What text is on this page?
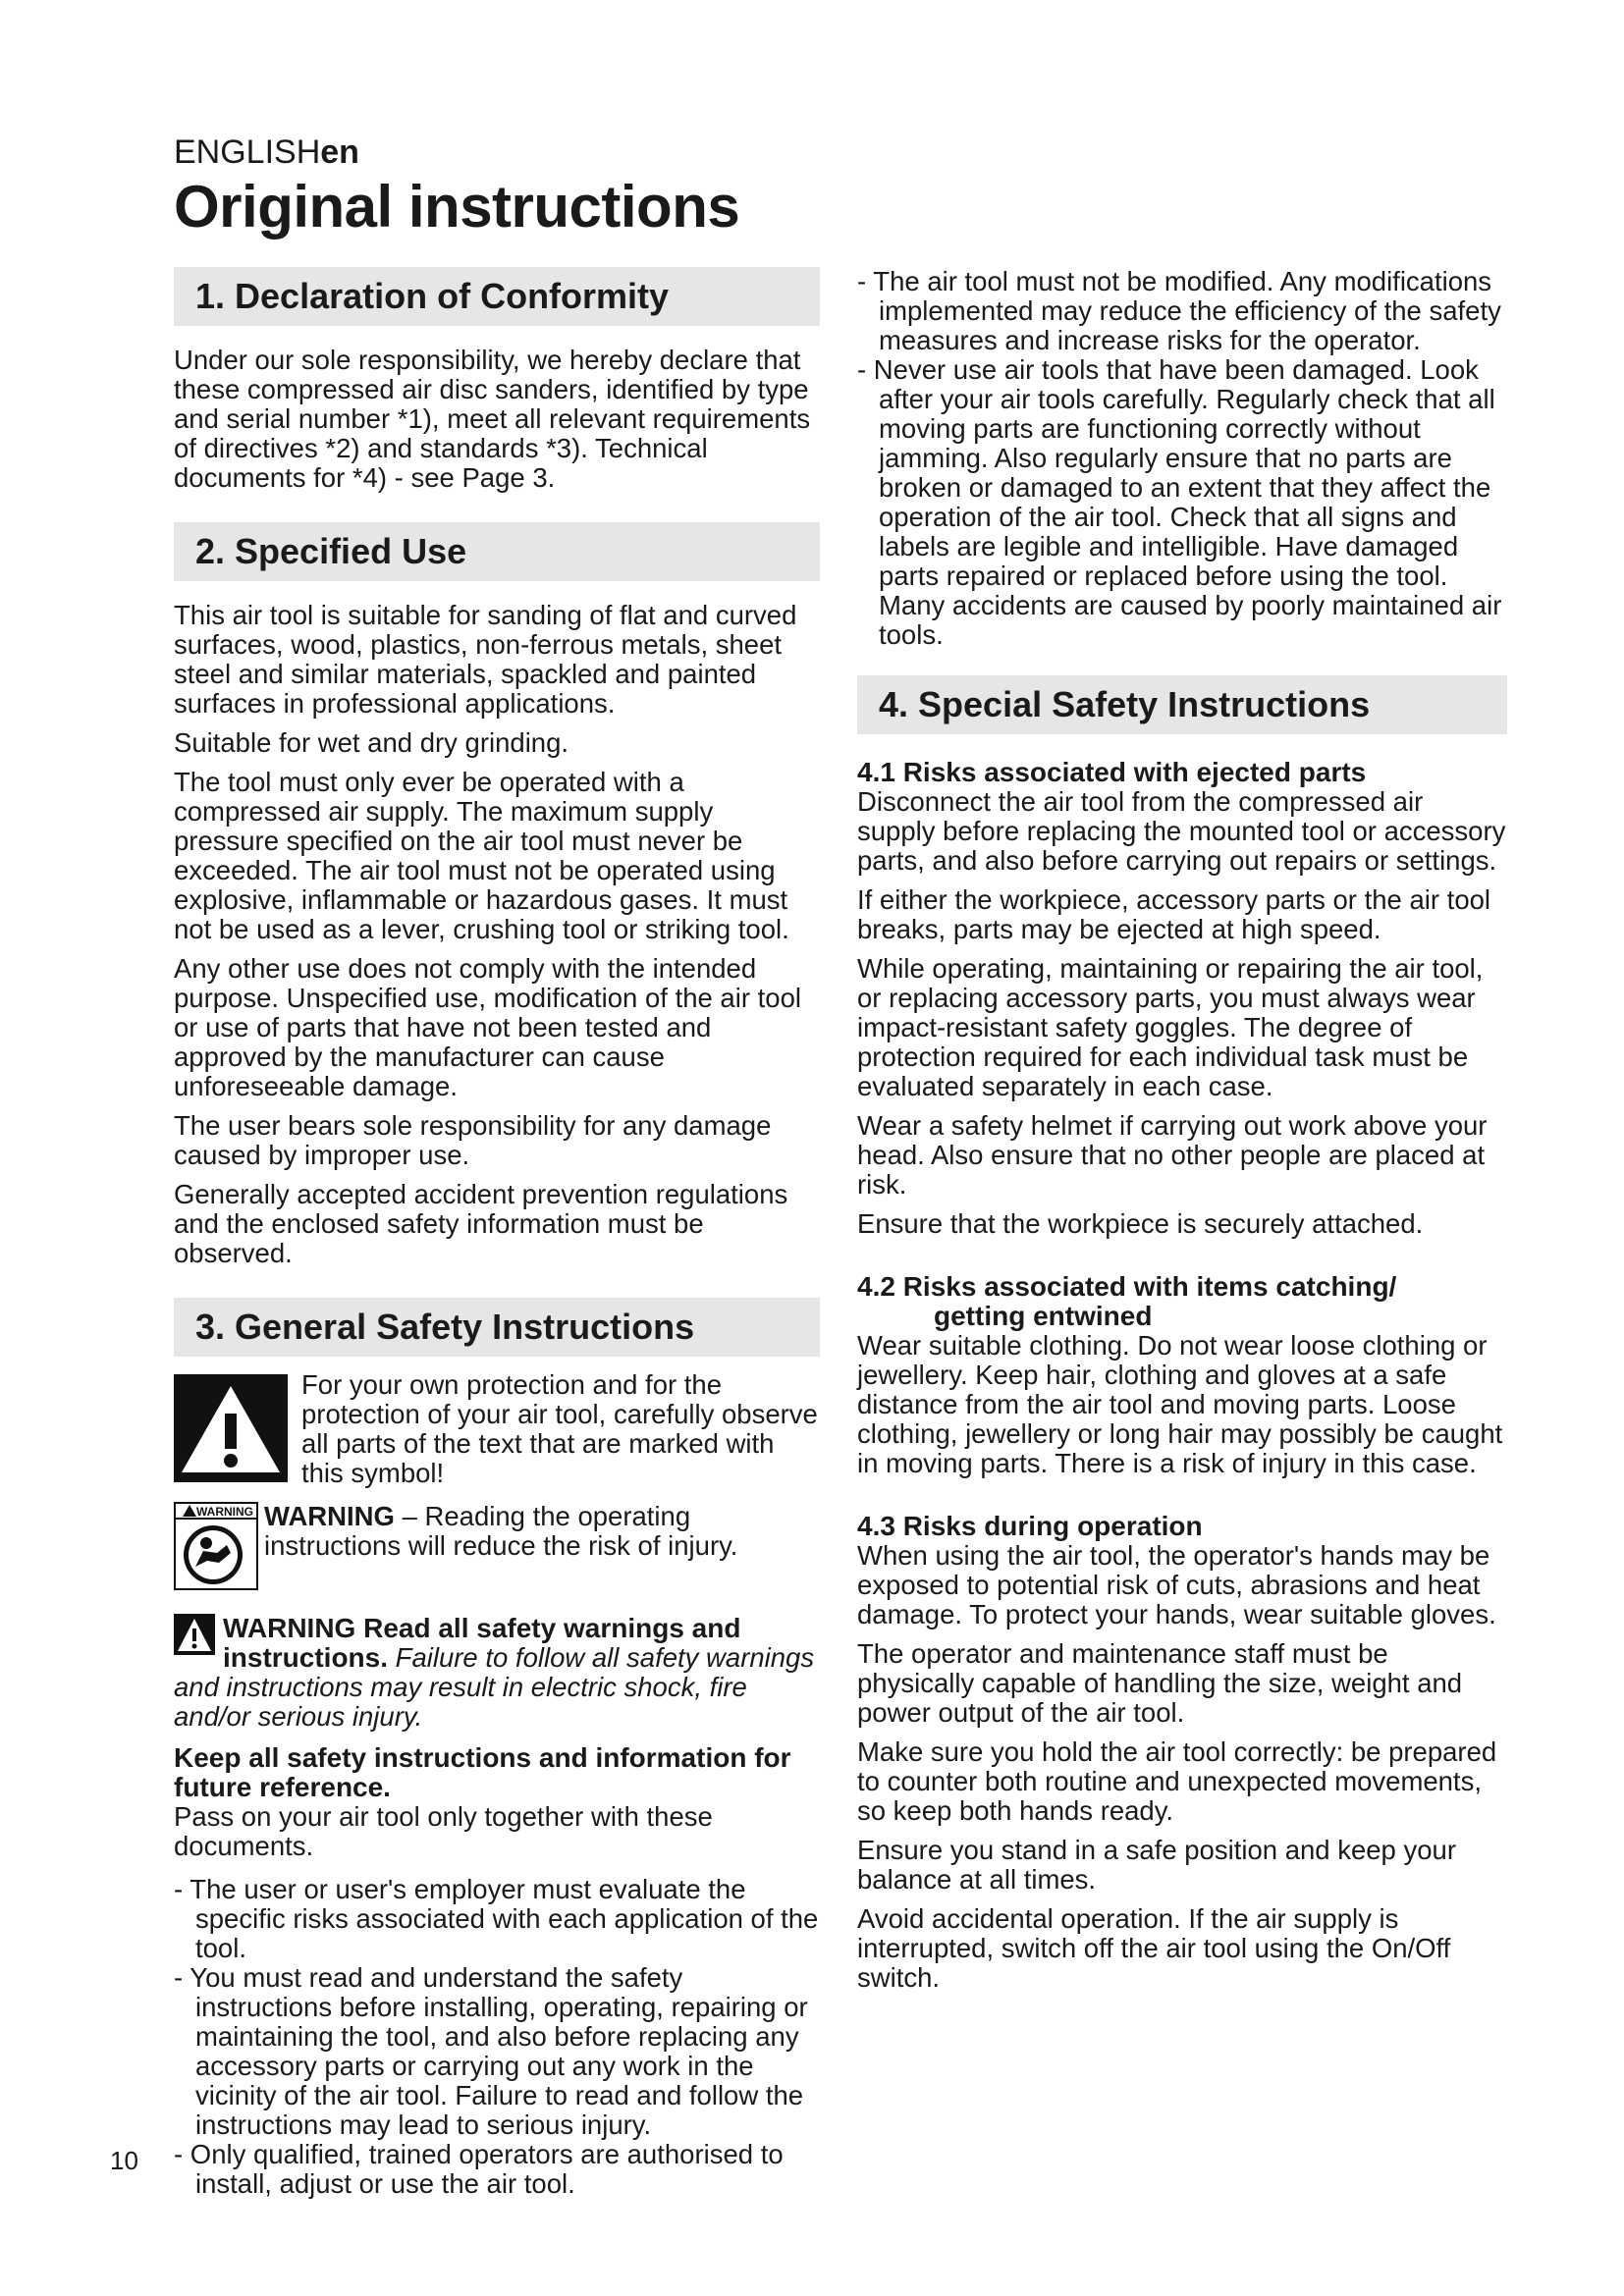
ENGLISHen
Original instructions
1. Declaration of Conformity

Under our sole responsibility, we hereby declare that these compressed air disc sanders, identified by type and serial number *1), meet all relevant requirements of directives *2) and standards *3). Technical documents for *4) - see Page 3.

2. Specified Use

This air tool is suitable for sanding of flat and curved surfaces, wood, plastics, non-ferrous metals, sheet steel and similar materials, spackled and painted surfaces in professional applications.

Suitable for wet and dry grinding.

The tool must only ever be operated with a compressed air supply. The maximum supply pressure specified on the air tool must never be exceeded. The air tool must not be operated using explosive, inflammable or hazardous gases. It must not be used as a lever, crushing tool or striking tool.

Any other use does not comply with the intended purpose. Unspecified use, modification of the air tool or use of parts that have not been tested and approved by the manufacturer can cause unforeseeable damage.

The user bears sole responsibility for any damage caused by improper use.

Generally accepted accident prevention regulations and the enclosed safety information must be observed.

3. General Safety Instructions

For your own protection and for the protection of your air tool, carefully observe all parts of the text that are marked with this symbol!

WARNING WARNING – Reading the operating instructions will reduce the risk of injury.

WARNING Read all safety warnings and instructions. Failure to follow all safety warnings and instructions may result in electric shock, fire and/or serious injury.

Keep all safety instructions and information for future reference.

Pass on your air tool only together with these documents.

- The user or user's employer must evaluate the specific risks associated with each application of the tool.

- You must read and understand the safety instructions before installing, operating, repairing or maintaining the tool, and also before replacing any accessory parts or carrying out any work in the vicinity of the air tool. Failure to read and follow the instructions may lead to serious injury.

- Only qualified, trained operators are authorised to install, adjust or use the air tool.

- The air tool must not be modified. Any modifications implemented may reduce the efficiency of the safety measures and increase risks for the operator.

- Never use air tools that have been damaged. Look after your air tools carefully. Regularly check that all moving parts are functioning correctly without jamming. Also regularly ensure that no parts are broken or damaged to an extent that they affect the operation of the air tool. Check that all signs and labels are legible and intelligible. Have damaged parts repaired or replaced before using the tool. Many accidents are caused by poorly maintained air tools.

4. Special Safety Instructions

4.1 Risks associated with ejected parts

Disconnect the air tool from the compressed air supply before replacing the mounted tool or accessory parts, and also before carrying out repairs or settings.

If either the workpiece, accessory parts or the air tool breaks, parts may be ejected at high speed.

While operating, maintaining or repairing the air tool, or replacing accessory parts, you must always wear impact-resistant safety goggles. The degree of protection required for each individual task must be evaluated separately in each case.

Wear a safety helmet if carrying out work above your head. Also ensure that no other people are placed at risk.

Ensure that the workpiece is securely attached.

4.2 Risks associated with items catching/

getting entwined

Wear suitable clothing. Do not wear loose clothing or jewellery. Keep hair, clothing and gloves at a safe distance from the air tool and moving parts. Loose clothing, jewellery or long hair may possibly be caught in moving parts. There is a risk of injury in this case.

4.3 Risks during operation

When using the air tool, the operator's hands may be exposed to potential risk of cuts, abrasions and heat damage. To protect your hands, wear suitable gloves.

The operator and maintenance staff must be physically capable of handling the size, weight and power output of the air tool.

Make sure you hold the air tool correctly: be prepared to counter both routine and unexpected movements, so keep both hands ready.

Ensure you stand in a safe position and keep your balance at all times.

Avoid accidental operation. If the air supply is interrupted, switch off the air tool using the On/Off switch.

10
